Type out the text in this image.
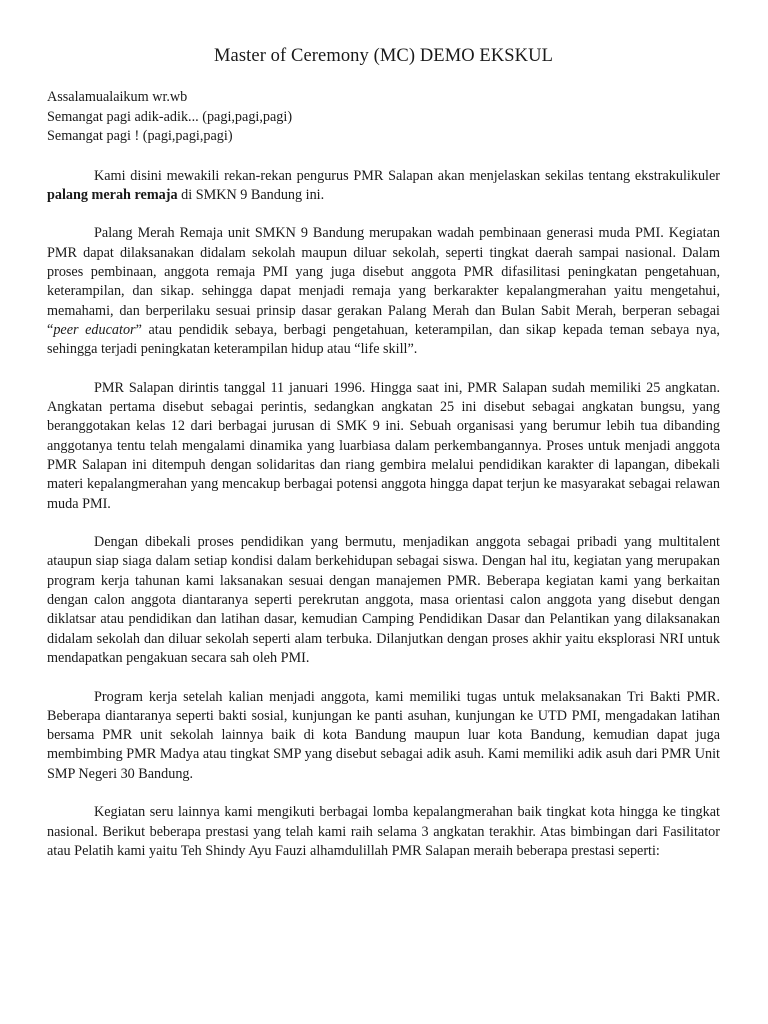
Master of Ceremony (MC) DEMO EKSKUL

Assalamualaikum wr.wb

Semangat pagi adik-adik... (pagi,pagi,pagi)

Semangat pagi ! (pagi,pagi,pagi)

Kami disini mewakili rekan-rekan pengurus PMR Salapan akan menjelaskan sekilas tentang ekstrakulikuler palang merah remaja di SMKN 9 Bandung ini.

Palang Merah Remaja unit SMKN 9 Bandung merupakan wadah pembinaan generasi muda PMI. Kegiatan PMR dapat dilaksanakan didalam sekolah maupun diluar sekolah, seperti tingkat daerah sampai nasional. Dalam proses pembinaan, anggota remaja PMI yang juga disebut anggota PMR difasilitasi peningkatan pengetahuan, keterampilan, dan sikap. sehingga dapat menjadi remaja yang berkarakter kepalangmerahan yaitu mengetahui, memahami, dan berperilaku sesuai prinsip dasar gerakan Palang Merah dan Bulan Sabit Merah, berperan sebagai “peer educator” atau pendidik sebaya, berbagi pengetahuan, keterampilan, dan sikap kepada teman sebaya nya, sehingga terjadi peningkatan keterampilan hidup atau “life skill”.

PMR Salapan dirintis tanggal 11 januari 1996. Hingga saat ini, PMR Salapan sudah memiliki 25 angkatan. Angkatan pertama disebut sebagai perintis, sedangkan angkatan 25 ini disebut sebagai angkatan bungsu, yang beranggotakan kelas 12 dari berbagai jurusan di SMK 9 ini. Sebuah organisasi yang berumur lebih tua dibanding anggotanya tentu telah mengalami dinamika yang luarbiasa dalam perkembangannya. Proses untuk menjadi anggota PMR Salapan ini ditempuh dengan solidaritas dan riang gembira melalui pendidikan karakter di lapangan, dibekali materi kepalangmerahan yang mencakup berbagai potensi anggota hingga dapat terjun ke masyarakat sebagai relawan muda PMI.

Dengan dibekali proses pendidikan yang bermutu, menjadikan anggota sebagai pribadi yang multitalent ataupun siap siaga dalam setiap kondisi dalam berkehidupan sebagai siswa. Dengan hal itu, kegiatan yang merupakan program kerja tahunan kami laksanakan sesuai dengan manajemen PMR. Beberapa kegiatan kami yang berkaitan dengan calon anggota diantaranya seperti perekrutan anggota, masa orientasi calon anggota yang disebut dengan diklatsar atau pendidikan dan latihan dasar, kemudian Camping Pendidikan Dasar dan Pelantikan yang dilaksanakan didalam sekolah dan diluar sekolah seperti alam terbuka. Dilanjutkan dengan proses akhir yaitu eksplorasi NRI untuk mendapatkan pengakuan secara sah oleh PMI.

Program kerja setelah kalian menjadi anggota, kami memiliki tugas untuk melaksanakan Tri Bakti PMR. Beberapa diantaranya seperti bakti sosial, kunjungan ke panti asuhan, kunjungan ke UTD PMI, mengadakan latihan bersama PMR unit sekolah lainnya baik di kota Bandung maupun luar kota Bandung, kemudian dapat juga membimbing PMR Madya atau tingkat SMP yang disebut sebagai adik asuh. Kami memiliki adik asuh dari PMR Unit SMP Negeri 30 Bandung.

Kegiatan seru lainnya kami mengikuti berbagai lomba kepalangmerahan baik tingkat kota hingga ke tingkat nasional. Berikut beberapa prestasi yang telah kami raih selama 3 angkatan terakhir. Atas bimbingan dari Fasilitator atau Pelatih kami yaitu Teh Shindy Ayu Fauzi alhamdulillah PMR Salapan meraih beberapa prestasi seperti:
